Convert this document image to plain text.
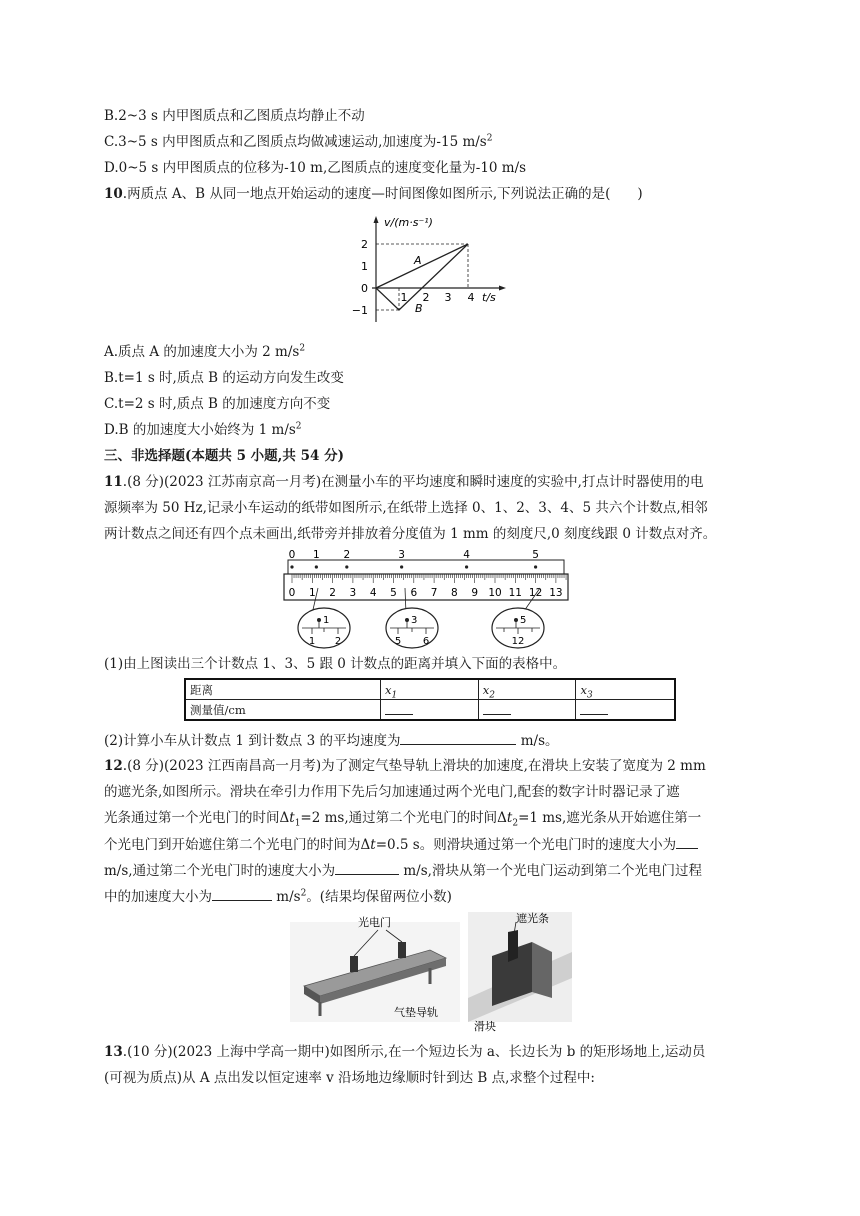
B.2~3 s 内甲图质点和乙图质点均静止不动
C.3~5 s 内甲图质点和乙图质点均做减速运动,加速度为-15 $m/s^2$
D.0~5 s 内甲图质点的位移为-10 m,乙图质点的速度变化量为-10 m/s
10.两质点 A、B 从同一地点开始运动的速度—时间图像如图所示,下列说法正确的是(　　)
2
1
0
−1
1 2 3 4 t/s
v/(m·s⁻¹)
A
B
A.质点 A 的加速度大小为 2 $m/s^2$
B.t=1 s 时,质点 B 的运动方向发生改变
C.t=2 s 时,质点 B 的加速度方向不变
D.B 的加速度大小始终为 1 $m/s^2$
三、非选择题(本题共 5 小题,共 54 分)
11.(8 分)(2023 江苏南京高一月考)在测量小车的平均速度和瞬时速度的实验中,打点计时器使用的电
源频率为 50 Hz,记录小车运动的纸带如图所示,在纸带上选择 0、1、2、3、4、5 共六个计数点,相邻
两计数点之间还有四个点未画出,纸带旁并排放着分度值为 1 mm 的刻度尺,0 刻度线跟 0 计数点对齐。
0 1 2	3	4	5
0 1 2 3 4 5 6 7 8 9 10 11 12 13
1
1 2
3
5 6
5
12
(1)由上图读出三个计数点 1、3、5 跟 0 计数点的距离并填入下面的表格中。
距离	$x_1$	$x_2$	$x_3$
测量值/cm			
(2)计算小车从计数点 1 到计数点 3 的平均速度为	m/s。
12.(8 分)(2023 江西南昌高一月考)为了测定气垫导轨上滑块的加速度,在滑块上安装了宽度为 2 mm
的遮光条,如图所示。滑块在牵引力作用下先后匀加速通过两个光电门,配套的数字计时器记录了遮
光条通过第一个光电门的时间$\Delta t_1=2$ ms,通过第二个光电门的时间$\Delta t_2=1$ ms,遮光条从开始遮住第一
个光电门到开始遮住第二个光电门的时间为Δt=0.5 s。则滑块通过第一个光电门时的速度大小为
m/s,通过第二个光电门时的速度大小为	m/s,滑块从第一个光电门运动到第二个光电门过程
中的加速度大小为	$m/s^2$。(结果均保留两位小数)
光电门
气垫导轨
遮光条
滑块
13.(10 分)(2023 上海中学高一期中)如图所示,在一个短边长为 a、长边长为 b 的矩形场地上,运动员
(可视为质点)从 A 点出发以恒定速率 v 沿场地边缘顺时针到达 B 点,求整个过程中:
